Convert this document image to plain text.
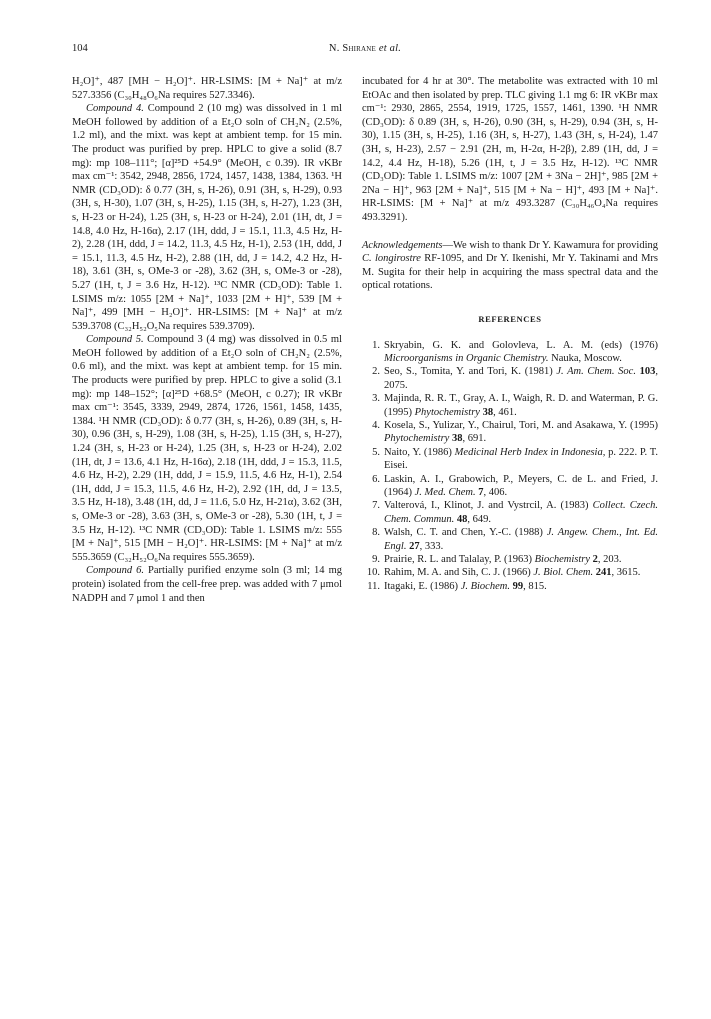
104	N. Shirane et al.

H₂O]⁺, 487 [MH − H₂O]⁺. HR-LSIMS: [M + Na]⁺ at m/z 527.3356 (C₃₀H₄₈O₆Na requires 527.3346).

Compound 4. Compound 2 (10 mg) was dissolved in 1 ml MeOH followed by addition of a Et₂O soln of CH₂N₂ (2.5%, 1.2 ml), and the mixt. was kept at ambient temp. for 15 min. The product was purified by prep. HPLC to give a solid (8.7 mg): mp 108–111°; [α]²⁵D +54.9° (MeOH, c 0.39). IR νKBr max cm⁻¹: 3542, 2948, 2856, 1724, 1457, 1438, 1384, 1363. ¹H NMR (CD₃OD): δ 0.77 (3H, s, H-26), 0.91 (3H, s, H-29), 0.93 (3H, s, H-30), 1.07 (3H, s, H-25), 1.15 (3H, s, H-27), 1.23 (3H, s, H-23 or H-24), 1.25 (3H, s, H-23 or H-24), 2.01 (1H, dt, J = 14.8, 4.0 Hz, H-16α), 2.17 (1H, ddd, J = 15.1, 11.3, 4.5 Hz, H-2), 2.28 (1H, ddd, J = 14.2, 11.3, 4.5 Hz, H-1), 2.53 (1H, ddd, J = 15.1, 11.3, 4.5 Hz, H-2), 2.88 (1H, dd, J = 14.2, 4.2 Hz, H-18), 3.61 (3H, s, OMe-3 or -28), 3.62 (3H, s, OMe-3 or -28), 5.27 (1H, t, J = 3.6 Hz, H-12). ¹³C NMR (CD₃OD): Table 1. LSIMS m/z: 1055 [2M + Na]⁺, 1033 [2M + H]⁺, 539 [M + Na]⁺, 499 [MH − H₂O]⁺. HR-LSIMS: [M + Na]⁺ at m/z 539.3708 (C₃₂H₅₂O₅Na requires 539.3709).

Compound 5. Compound 3 (4 mg) was dissolved in 0.5 ml MeOH followed by addition of a Et₂O soln of CH₂N₂ (2.5%, 0.6 ml), and the mixt. was kept at ambient temp. for 15 min. The products were purified by prep. HPLC to give a solid (3.1 mg): mp 148–152°; [α]²⁵D +68.5° (MeOH, c 0.27); IR νKBr max cm⁻¹: 3545, 3339, 2949, 2874, 1726, 1561, 1458, 1435, 1384. ¹H NMR (CD₃OD): δ 0.77 (3H, s, H-26), 0.89 (3H, s, H-30), 0.96 (3H, s, H-29), 1.08 (3H, s, H-25), 1.15 (3H, s, H-27), 1.24 (3H, s, H-23 or H-24), 1.25 (3H, s, H-23 or H-24), 2.02 (1H, dt, J = 13.6, 4.1 Hz, H-16α), 2.18 (1H, ddd, J = 15.3, 11.5, 4.6 Hz, H-2), 2.29 (1H, ddd, J = 15.9, 11.5, 4.6 Hz, H-1), 2.54 (1H, ddd, J = 15.3, 11.5, 4.6 Hz, H-2), 2.92 (1H, dd, J = 13.5, 3.5 Hz, H-18), 3.48 (1H, dd, J = 11.6, 5.0 Hz, H-21α), 3.62 (3H, s, OMe-3 or -28), 3.63 (3H, s, OMe-3 or -28), 5.30 (1H, t, J = 3.5 Hz, H-12). ¹³C NMR (CD₃OD): Table 1. LSIMS m/z: 555 [M + Na]⁺, 515 [MH − H₂O]⁺. HR-LSIMS: [M + Na]⁺ at m/z 555.3659 (C₃₂H₅₂O₆Na requires 555.3659).

Compound 6. Partially purified enzyme soln (3 ml; 14 mg protein) isolated from the cell-free prep. was added with 7 μmol NADPH and 7 μmol 1 and then

incubated for 4 hr at 30°. The metabolite was extracted with 10 ml EtOAc and then isolated by prep. TLC giving 1.1 mg 6: IR νKBr max cm⁻¹: 2930, 2865, 2554, 1919, 1725, 1557, 1461, 1390. ¹H NMR (CD₃OD): δ 0.89 (3H, s, H-26), 0.90 (3H, s, H-29), 0.94 (3H, s, H-30), 1.15 (3H, s, H-25), 1.16 (3H, s, H-27), 1.43 (3H, s, H-24), 1.47 (3H, s, H-23), 2.57 − 2.91 (2H, m, H-2α, H-2β), 2.89 (1H, dd, J = 14.2, 4.4 Hz, H-18), 5.26 (1H, t, J = 3.5 Hz, H-12). ¹³C NMR (CD₃OD): Table 1. LSIMS m/z: 1007 [2M + 3Na − 2H]⁺, 985 [2M + 2Na − H]⁺, 963 [2M + Na]⁺, 515 [M + Na − H]⁺, 493 [M + Na]⁺. HR-LSIMS: [M + Na]⁺ at m/z 493.3287 (C₃₀H₄₆O₄Na requires 493.3291).

Acknowledgements—We wish to thank Dr Y. Kawamura for providing C. longirostre RF-1095, and Dr Y. Ikenishi, Mr Y. Takinami and Mrs M. Sugita for their help in acquiring the mass spectral data and the optical rotations.

REFERENCES
1. Skryabin, G. K. and Golovleva, L. A. M. (eds) (1976) Microorganisms in Organic Chemistry. Nauka, Moscow.
2. Seo, S., Tomita, Y. and Tori, K. (1981) J. Am. Chem. Soc. 103, 2075.
3. Majinda, R. R. T., Gray, A. I., Waigh, R. D. and Waterman, P. G. (1995) Phytochemistry 38, 461.
4. Kosela, S., Yulizar, Y., Chairul, Tori, M. and Asakawa, Y. (1995) Phytochemistry 38, 691.
5. Naito, Y. (1986) Medicinal Herb Index in Indonesia, p. 222. P. T. Eisei.
6. Laskin, A. I., Grabowich, P., Meyers, C. de L. and Fried, J. (1964) J. Med. Chem. 7, 406.
7. Valterová, I., Klinot, J. and Vystrcil, A. (1983) Collect. Czech. Chem. Commun. 48, 649.
8. Walsh, C. T. and Chen, Y.-C. (1988) J. Angew. Chem., Int. Ed. Engl. 27, 333.
9. Prairie, R. L. and Talalay, P. (1963) Biochemistry 2, 203.
10. Rahim, M. A. and Sih, C. J. (1966) J. Biol. Chem. 241, 3615.
11. Itagaki, E. (1986) J. Biochem. 99, 815.
